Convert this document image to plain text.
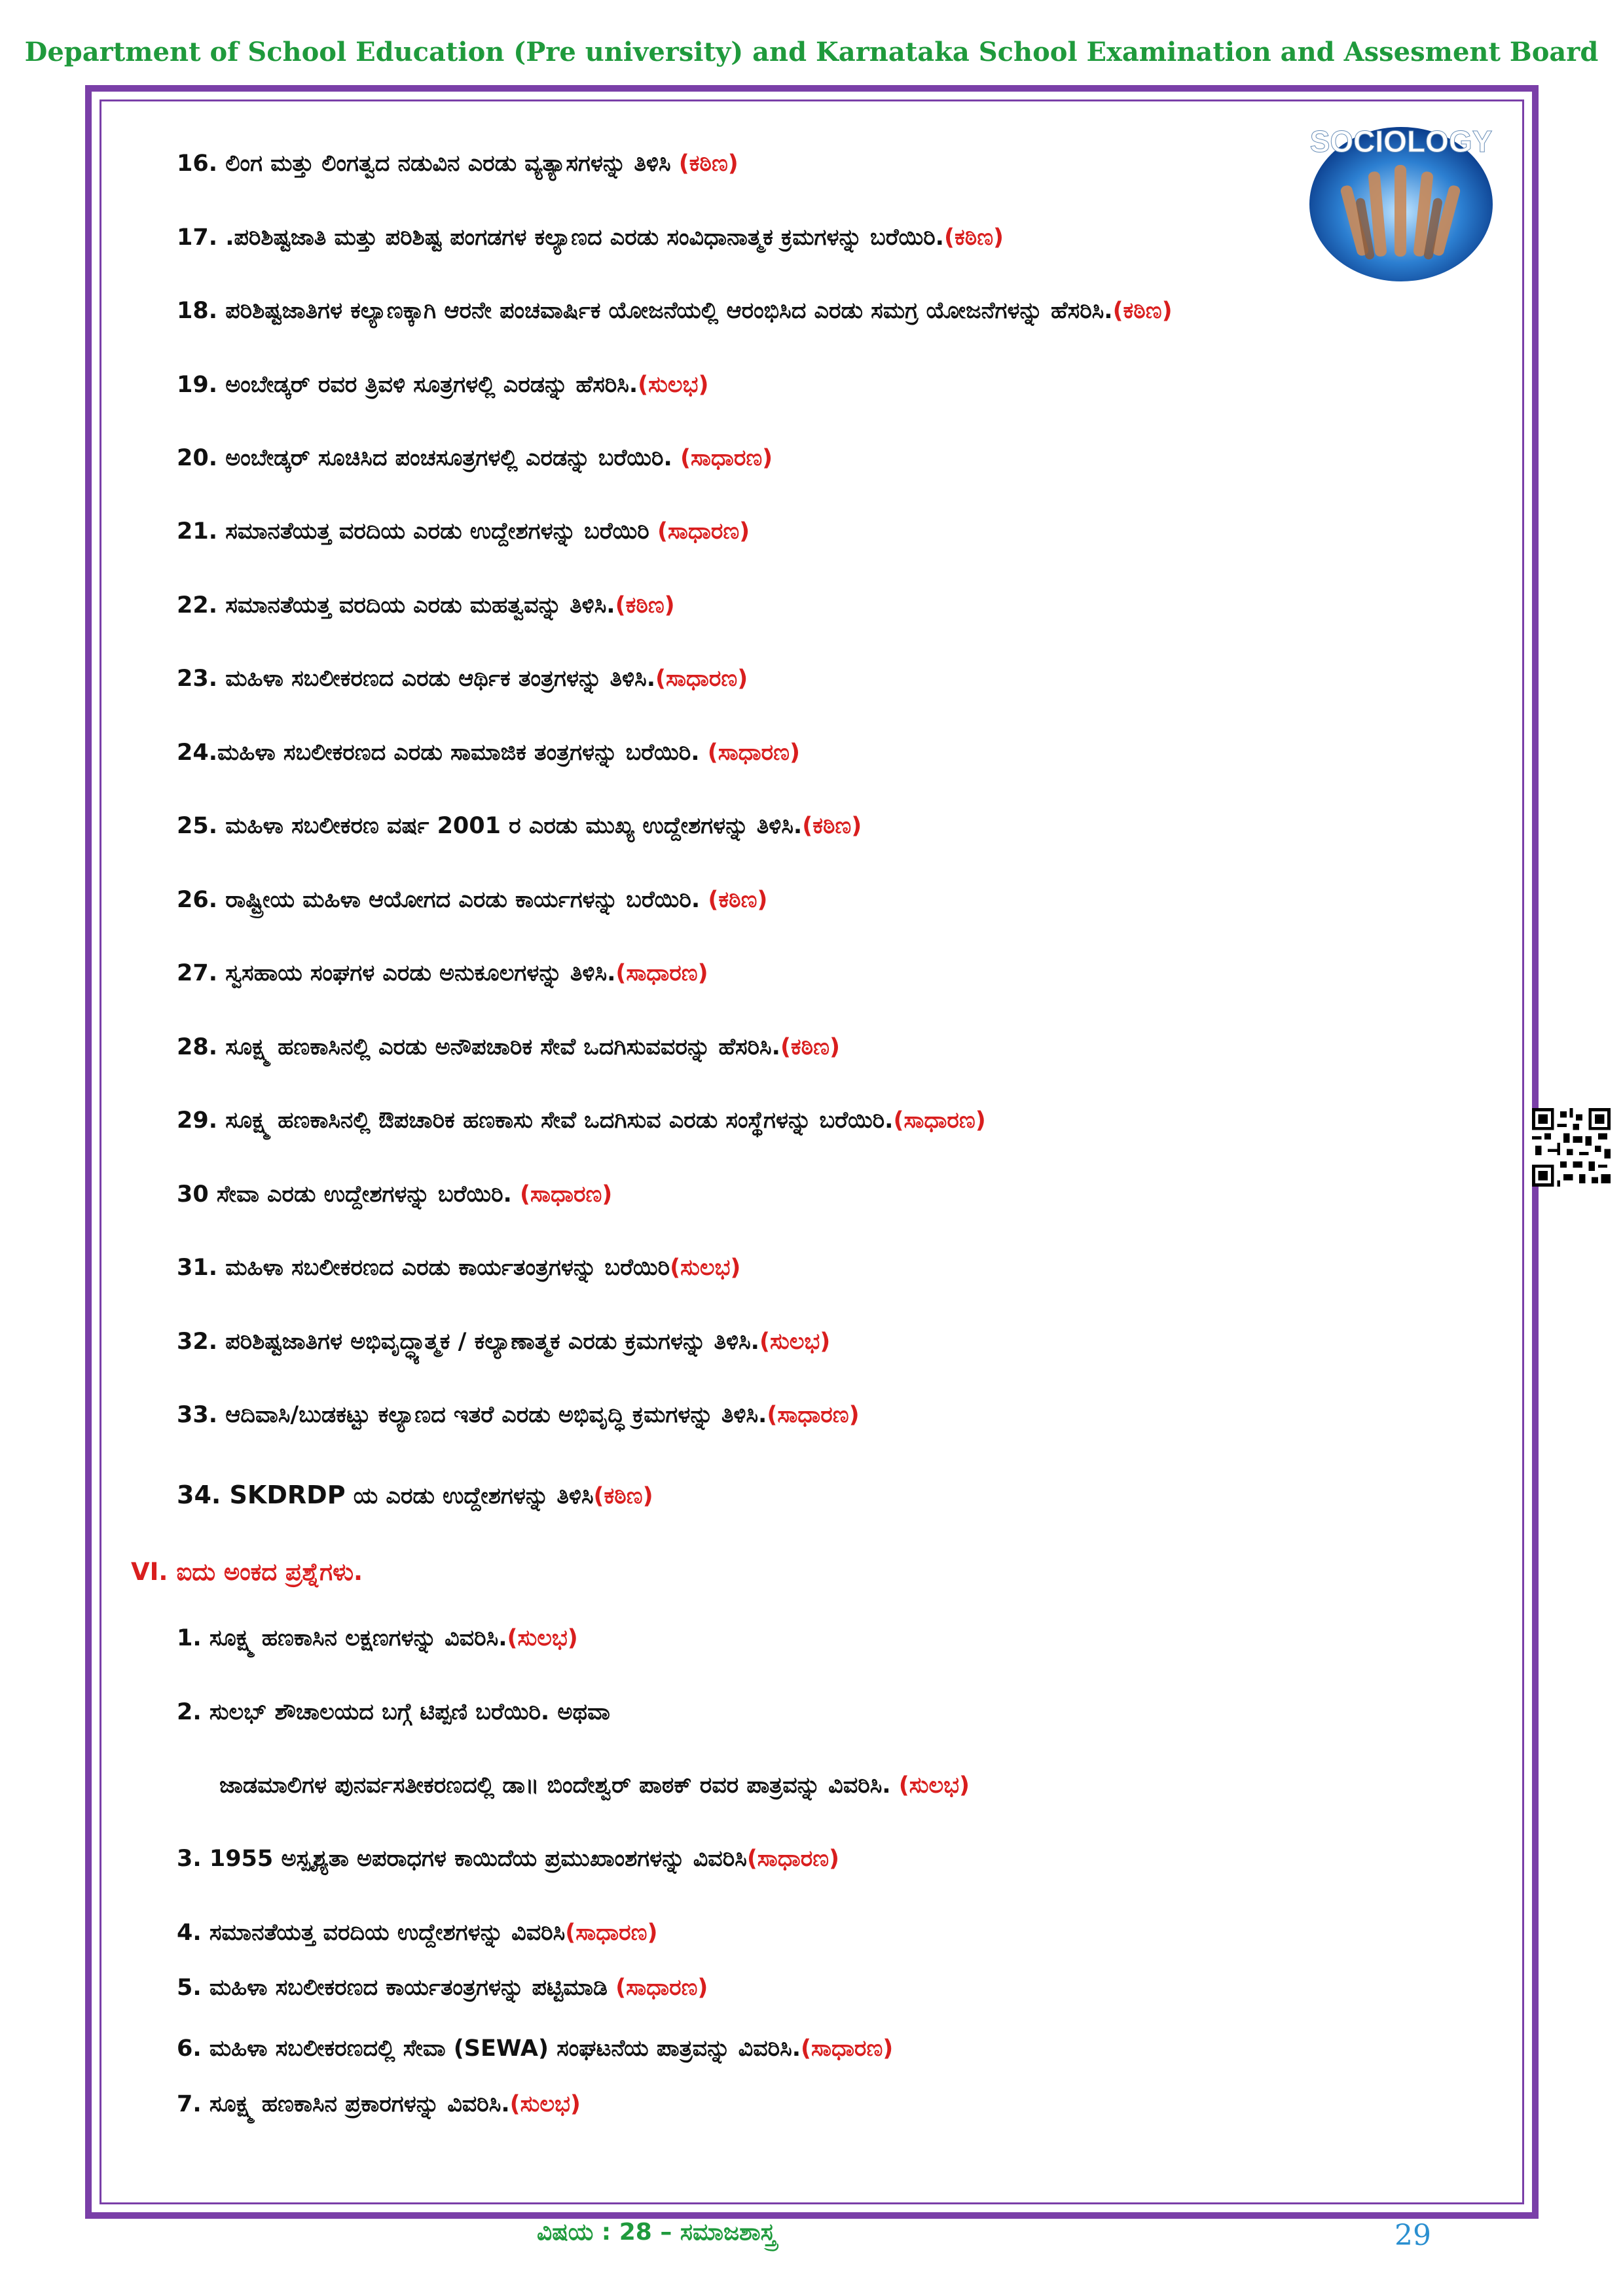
Department of School Education (Pre university) and Karnataka School Examination and Assesment Board
SOCIOLOGY
16. ಲಿಂಗ ಮತ್ತು ಲಿಂಗತ್ವದ ನಡುವಿನ ಎರಡು ವ್ಯತ್ಯಾಸಗಳನ್ನು ತಿಳಿಸಿ (ಕಠಿಣ)
17. .ಪರಿಶಿಷ್ಟಜಾತಿ ಮತ್ತು ಪರಿಶಿಷ್ಟ ಪಂಗಡಗಳ ಕಲ್ಯಾಣದ ಎರಡು ಸಂವಿಧಾನಾತ್ಮಕ ಕ್ರಮಗಳನ್ನು ಬರೆಯಿರಿ.(ಕಠಿಣ)
18. ಪರಿಶಿಷ್ಟಜಾತಿಗಳ ಕಲ್ಯಾಣಕ್ಕಾಗಿ ಆರನೇ ಪಂಚವಾರ್ಷಿಕ ಯೋಜನೆಯಲ್ಲಿ ಆರಂಭಿಸಿದ ಎರಡು ಸಮಗ್ರ ಯೋಜನೆಗಳನ್ನು ಹೆಸರಿಸಿ.(ಕಠಿಣ)
19. ಅಂಬೇಡ್ಕರ್ ರವರ ತ್ರಿವಳಿ ಸೂತ್ರಗಳಲ್ಲಿ ಎರಡನ್ನು ಹೆಸರಿಸಿ.(ಸುಲಭ)
20. ಅಂಬೇಡ್ಕರ್ ಸೂಚಿಸಿದ ಪಂಚಸೂತ್ರಗಳಲ್ಲಿ ಎರಡನ್ನು ಬರೆಯಿರಿ. (ಸಾಧಾರಣ)
21. ಸಮಾನತೆಯತ್ತ ವರದಿಯ ಎರಡು ಉದ್ದೇಶಗಳನ್ನು ಬರೆಯಿರಿ (ಸಾಧಾರಣ)
22. ಸಮಾನತೆಯತ್ತ ವರದಿಯ ಎರಡು ಮಹತ್ವವನ್ನು ತಿಳಿಸಿ.(ಕಠಿಣ)
23. ಮಹಿಳಾ ಸಬಲೀಕರಣದ ಎರಡು ಆರ್ಥಿಕ ತಂತ್ರಗಳನ್ನು ತಿಳಿಸಿ.(ಸಾಧಾರಣ)
24.ಮಹಿಳಾ ಸಬಲೀಕರಣದ ಎರಡು ಸಾಮಾಜಿಕ ತಂತ್ರಗಳನ್ನು ಬರೆಯಿರಿ. (ಸಾಧಾರಣ)
25. ಮಹಿಳಾ ಸಬಲೀಕರಣ ವರ್ಷ 2001 ರ ಎರಡು ಮುಖ್ಯ ಉದ್ದೇಶಗಳನ್ನು ತಿಳಿಸಿ.(ಕಠಿಣ)
26. ರಾಷ್ಟ್ರೀಯ ಮಹಿಳಾ ಆಯೋಗದ ಎರಡು ಕಾರ್ಯಗಳನ್ನು ಬರೆಯಿರಿ. (ಕಠಿಣ)
27. ಸ್ವಸಹಾಯ ಸಂಘಗಳ ಎರಡು ಅನುಕೂಲಗಳನ್ನು ತಿಳಿಸಿ.(ಸಾಧಾರಣ)
28. ಸೂಕ್ಷ್ಮ ಹಣಕಾಸಿನಲ್ಲಿ ಎರಡು ಅನೌಪಚಾರಿಕ ಸೇವೆ ಒದಗಿಸುವವರನ್ನು ಹೆಸರಿಸಿ.(ಕಠಿಣ)
29. ಸೂಕ್ಷ್ಮ ಹಣಕಾಸಿನಲ್ಲಿ ಔಪಚಾರಿಕ ಹಣಕಾಸು ಸೇವೆ ಒದಗಿಸುವ ಎರಡು ಸಂಸ್ಥೆಗಳನ್ನು ಬರೆಯಿರಿ.(ಸಾಧಾರಣ)
30 ಸೇವಾ ಎರಡು ಉದ್ದೇಶಗಳನ್ನು ಬರೆಯಿರಿ. (ಸಾಧಾರಣ)
31. ಮಹಿಳಾ ಸಬಲೀಕರಣದ ಎರಡು ಕಾರ್ಯತಂತ್ರಗಳನ್ನು ಬರೆಯಿರಿ(ಸುಲಭ)
32. ಪರಿಶಿಷ್ಟಜಾತಿಗಳ ಅಭಿವೃದ್ಧ್ಯಾತ್ಮಕ / ಕಲ್ಯಾಣಾತ್ಮಕ ಎರಡು ಕ್ರಮಗಳನ್ನು ತಿಳಿಸಿ.(ಸುಲಭ)
33. ಆದಿವಾಸಿ/ಬುಡಕಟ್ಟು ಕಲ್ಯಾಣದ ಇತರೆ ಎರಡು ಅಭಿವೃದ್ಧಿ ಕ್ರಮಗಳನ್ನು ತಿಳಿಸಿ.(ಸಾಧಾರಣ)
34. SKDRDP ಯ ಎರಡು ಉದ್ದೇಶಗಳನ್ನು ತಿಳಿಸಿ(ಕಠಿಣ)
VI. ಐದು ಅಂಕದ ಪ್ರಶ್ನೆಗಳು.
1. ಸೂಕ್ಷ್ಮ ಹಣಕಾಸಿನ ಲಕ್ಷಣಗಳನ್ನು ವಿವರಿಸಿ.(ಸುಲಭ)
2. ಸುಲಭ್ ಶೌಚಾಲಯದ ಬಗ್ಗೆ ಟಿಪ್ಪಣಿ ಬರೆಯಿರಿ. ಅಥವಾ
ಜಾಡಮಾಲಿಗಳ ಪುನರ್ವಸತೀಕರಣದಲ್ಲಿ ಡಾ॥ ಬಿಂದೇಶ್ವರ್ ಪಾಠಕ್ ರವರ ಪಾತ್ರವನ್ನು ವಿವರಿಸಿ. (ಸುಲಭ)
3. 1955 ಅಸ್ಪೃಶ್ಯತಾ ಅಪರಾಧಗಳ ಕಾಯಿದೆಯ ಪ್ರಮುಖಾಂಶಗಳನ್ನು ವಿವರಿಸಿ(ಸಾಧಾರಣ)
4. ಸಮಾನತೆಯತ್ತ ವರದಿಯ ಉದ್ದೇಶಗಳನ್ನು ವಿವರಿಸಿ(ಸಾಧಾರಣ)
5. ಮಹಿಳಾ ಸಬಲೀಕರಣದ ಕಾರ್ಯತಂತ್ರಗಳನ್ನು ಪಟ್ಟಿಮಾಡಿ (ಸಾಧಾರಣ)
6. ಮಹಿಳಾ ಸಬಲೀಕರಣದಲ್ಲಿ ಸೇವಾ (SEWA) ಸಂಘಟನೆಯ ಪಾತ್ರವನ್ನು ವಿವರಿಸಿ.(ಸಾಧಾರಣ)
7. ಸೂಕ್ಷ್ಮ ಹಣಕಾಸಿನ ಪ್ರಕಾರಗಳನ್ನು ವಿವರಿಸಿ.(ಸುಲಭ)
ವಿಷಯ : 28 – ಸಮಾಜಶಾಸ್ತ್ರ	29
